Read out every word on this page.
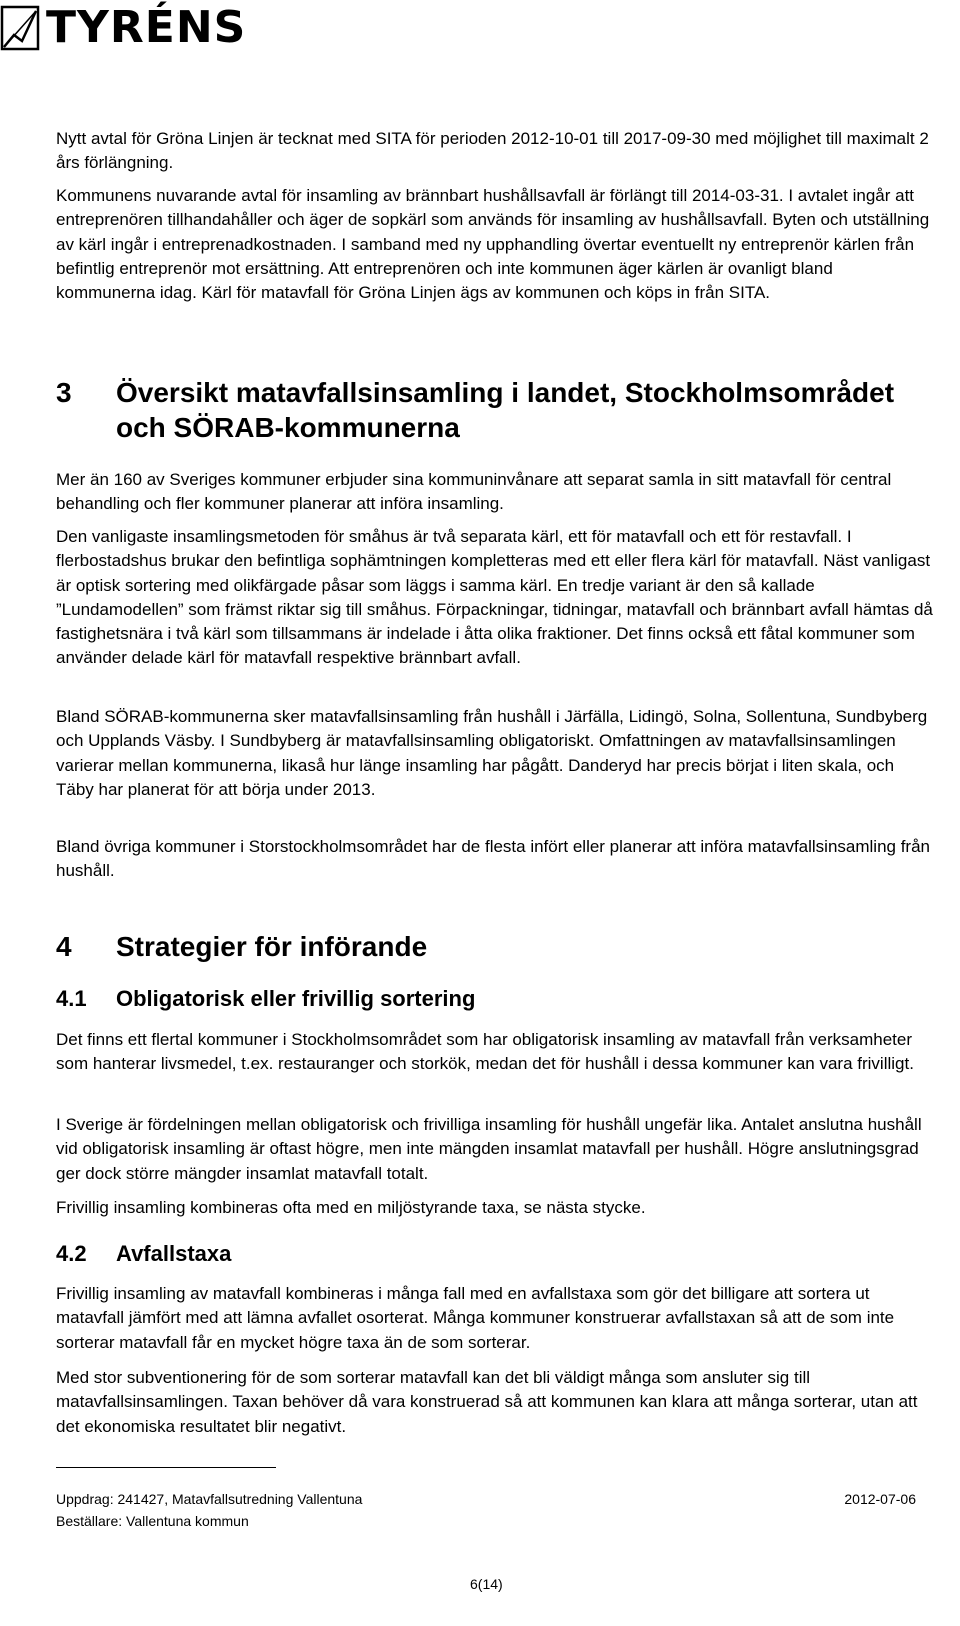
TYRÉNS

Nytt avtal för Gröna Linjen är tecknat med SITA för perioden 2012-10-01 till 2017-09-30 med möjlighet till maximalt 2 års förlängning.

Kommunens nuvarande avtal för insamling av brännbart hushållsavfall är förlängt till 2014-03-31. I avtalet ingår att entreprenören tillhandahåller och äger de sopkärl som används för insamling av hushållsavfall. Byten och utställning av kärl ingår i entreprenadkostnaden. I samband med ny upphandling övertar eventuellt ny entreprenör kärlen från befintlig entreprenör mot ersättning. Att entreprenören och inte kommunen äger kärlen är ovanligt bland kommunerna idag. Kärl för matavfall för Gröna Linjen ägs av kommunen och köps in från SITA.

3 Översikt matavfallsinsamling i landet, Stockholmsområdet och SÖRAB-kommunerna

Mer än 160 av Sveriges kommuner erbjuder sina kommuninvånare att separat samla in sitt matavfall för central behandling och fler kommuner planerar att införa insamling.

Den vanligaste insamlingsmetoden för småhus är två separata kärl, ett för matavfall och ett för restavfall. I flerbostadshus brukar den befintliga sophämtningen kompletteras med ett eller flera kärl för matavfall. Näst vanligast är optisk sortering med olikfärgade påsar som läggs i samma kärl. En tredje variant är den så kallade ”Lundamodellen” som främst riktar sig till småhus. Förpackningar, tidningar, matavfall och brännbart avfall hämtas då fastighetsnära i två kärl som tillsammans är indelade i åtta olika fraktioner. Det finns också ett fåtal kommuner som använder delade kärl för matavfall respektive brännbart avfall.

Bland SÖRAB-kommunerna sker matavfallsinsamling från hushåll i Järfälla, Lidingö, Solna, Sollentuna, Sundbyberg och Upplands Väsby. I Sundbyberg är matavfallsinsamling obligatoriskt. Omfattningen av matavfallsinsamlingen varierar mellan kommunerna, likaså hur länge insamling har pågått. Danderyd har precis börjat i liten skala, och Täby har planerat för att börja under 2013.

Bland övriga kommuner i Storstockholmsområdet har de flesta infört eller planerar att införa matavfallsinsamling från hushåll.

4 Strategier för införande
4.1 Obligatorisk eller frivillig sortering

Det finns ett flertal kommuner i Stockholmsområdet som har obligatorisk insamling av matavfall från verksamheter som hanterar livsmedel, t.ex. restauranger och storkök, medan det för hushåll i dessa kommuner kan vara frivilligt.

I Sverige är fördelningen mellan obligatorisk och frivilliga insamling för hushåll ungefär lika. Antalet anslutna hushåll vid obligatorisk insamling är oftast högre, men inte mängden insamlat matavfall per hushåll. Högre anslutningsgrad ger dock större mängder insamlat matavfall totalt.

Frivillig insamling kombineras ofta med en miljöstyrande taxa, se nästa stycke.

4.2 Avfallstaxa

Frivillig insamling av matavfall kombineras i många fall med en avfallstaxa som gör det billigare att sortera ut matavfall jämfört med att lämna avfallet osorterat. Många kommuner konstruerar avfallstaxan så att de som inte sorterar matavfall får en mycket högre taxa än de som sorterar.

Med stor subventionering för de som sorterar matavfall kan det bli väldigt många som ansluter sig till matavfallsinsamlingen. Taxan behöver då vara konstruerad så att kommunen kan klara att många sorterar, utan att det ekonomiska resultatet blir negativt.

Uppdrag: 241427, Matavfallsutredning Vallentuna
Beställare: Vallentuna kommun
2012-07-06
6(14)
